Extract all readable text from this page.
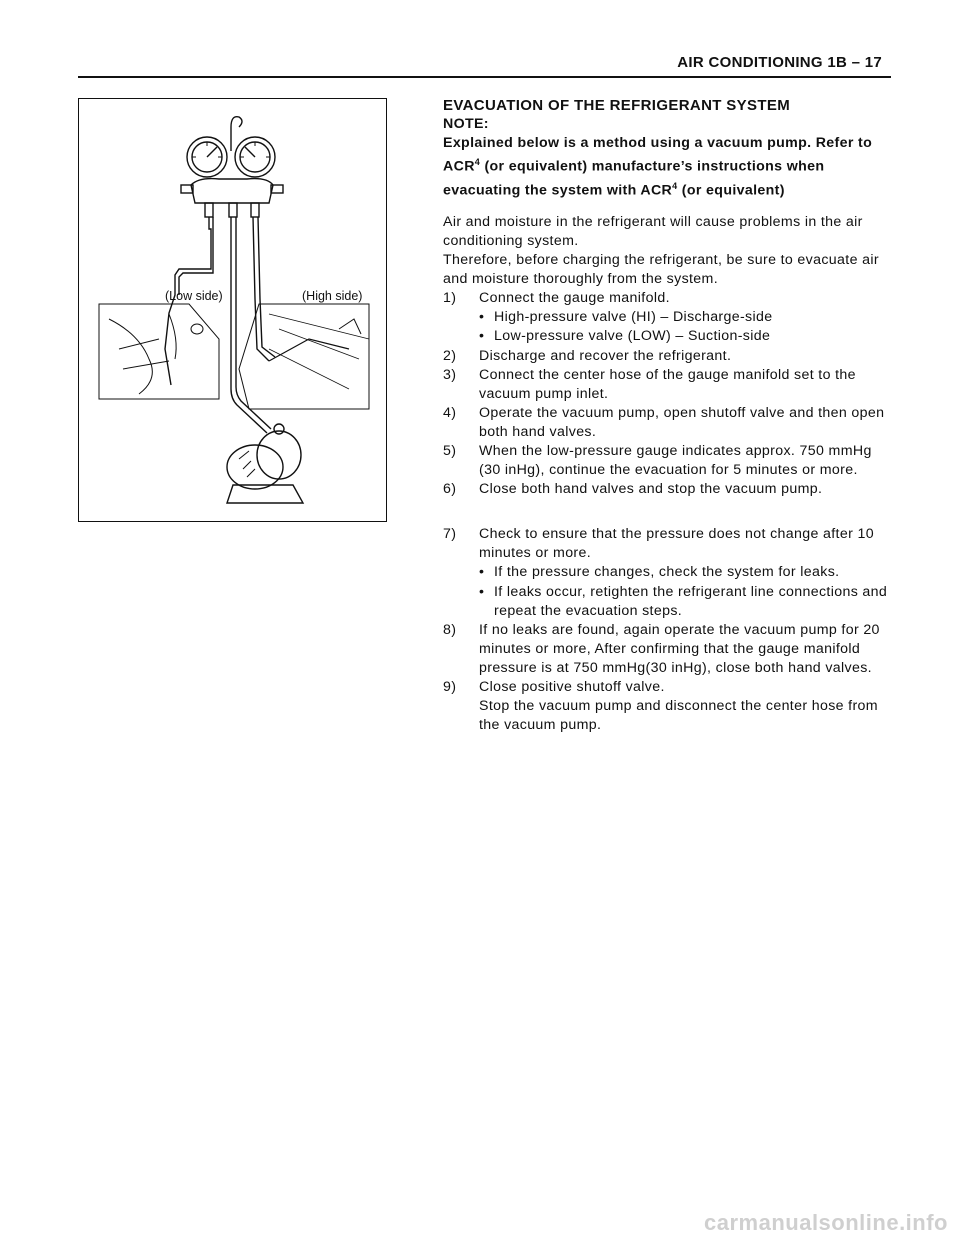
AIR CONDITIONING 1B – 17
(Low side)	(High side)
EVACUATION OF THE REFRIGERANT SYSTEM
NOTE:
Explained below is a method using a vacuum pump. Refer to ACR$^4$ (or equivalent) manufacture’s instructions when evacuating the system with ACR$^4$ (or equivalent)
Air and moisture in the refrigerant will cause problems in the air conditioning system.
Therefore, before charging the refrigerant, be sure to evacuate air and moisture thoroughly from the system.
1)	Connect the gauge manifold.
• High-pressure valve (HI) – Discharge-side
• Low-pressure valve (LOW) – Suction-side
2)	Discharge and recover the refrigerant.
3)	Connect the center hose of the gauge manifold set to the vacuum pump inlet.
4)	Operate the vacuum pump, open shutoff valve and then open both hand valves.
5)	When the low-pressure gauge indicates approx. 750 mmHg (30 inHg), continue the evacuation for 5 minutes or more.
6)	Close both hand valves and stop the vacuum pump.
7)	Check to ensure that the pressure does not change after 10 minutes or more.
• If the pressure changes, check the system for leaks.
• If leaks occur, retighten the refrigerant line connections and repeat the evacuation steps.
8)	If no leaks are found, again operate the vacuum pump for 20 minutes or more, After confirming that the gauge manifold pressure is at 750 mmHg(30 inHg), close both hand valves.
9)	Close positive shutoff valve.
Stop the vacuum pump and disconnect the center hose from the vacuum pump.
carmanualsonline.info
